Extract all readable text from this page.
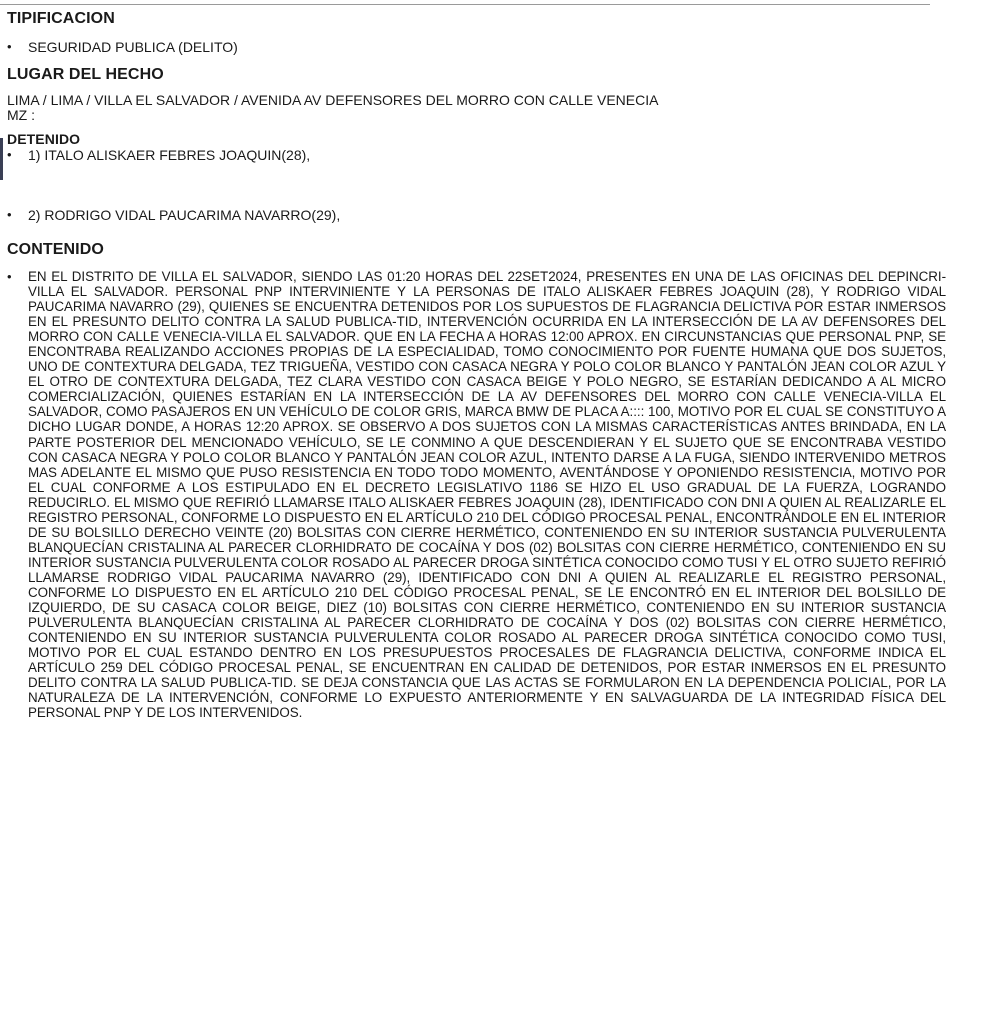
TIPIFICACION
• SEGURIDAD PUBLICA (DELITO)
LUGAR DEL HECHO
LIMA / LIMA / VILLA EL SALVADOR / AVENIDA AV DEFENSORES DEL MORRO CON CALLE VENECIA MZ :
DETENIDO
• 1) ITALO ALISKAER FEBRES JOAQUIN(28),
• 2) RODRIGO VIDAL PAUCARIMA NAVARRO(29),
CONTENIDO
• EN EL DISTRITO DE VILLA EL SALVADOR, SIENDO LAS 01:20 HORAS DEL 22SET2024, PRESENTES EN UNA DE LAS OFICINAS DEL DEPINCRI-VILLA EL SALVADOR. PERSONAL PNP INTERVINIENTE Y LA PERSONAS DE ITALO ALISKAER FEBRES JOAQUIN (28), Y RODRIGO VIDAL PAUCARIMA NAVARRO (29), QUIENES SE ENCUENTRA DETENIDOS POR LOS SUPUESTOS DE FLAGRANCIA DELICTIVA POR ESTAR INMERSOS EN EL PRESUNTO DELITO CONTRA LA SALUD PUBLICA-TID, INTERVENCIÓN OCURRIDA EN LA INTERSECCIÓN DE LA AV DEFENSORES DEL MORRO CON CALLE VENECIA-VILLA EL SALVADOR. QUE EN LA FECHA A HORAS 12:00 APROX. EN CIRCUNSTANCIAS QUE PERSONAL PNP, SE ENCONTRABA REALIZANDO ACCIONES PROPIAS DE LA ESPECIALIDAD, TOMO CONOCIMIENTO POR FUENTE HUMANA QUE DOS SUJETOS, UNO DE CONTEXTURA DELGADA, TEZ TRIGUEÑA, VESTIDO CON CASACA NEGRA Y POLO COLOR BLANCO Y PANTALÓN JEAN COLOR AZUL Y EL OTRO DE CONTEXTURA DELGADA, TEZ CLARA VESTIDO CON CASACA BEIGE Y POLO NEGRO, SE ESTARÍAN DEDICANDO A AL MICRO COMERCIALIZACIÓN, QUIENES ESTARÍAN EN LA INTERSECCIÓN DE LA AV DEFENSORES DEL MORRO CON CALLE VENECIA-VILLA EL SALVADOR, COMO PASAJEROS EN UN VEHÍCULO DE COLOR GRIS, MARCA BMW DE PLACA A:::: 100, MOTIVO POR EL CUAL SE CONSTITUYO A DICHO LUGAR DONDE, A HORAS 12:20 APROX. SE OBSERVO A DOS SUJETOS CON LA MISMAS CARACTERÍSTICAS ANTES BRINDADA, EN LA PARTE POSTERIOR DEL MENCIONADO VEHÍCULO, SE LE CONMINO A QUE DESCENDIERAN Y EL SUJETO QUE SE ENCONTRABA VESTIDO CON CASACA NEGRA Y POLO COLOR BLANCO Y PANTALÓN JEAN COLOR AZUL, INTENTO DARSE A LA FUGA, SIENDO INTERVENIDO METROS MAS ADELANTE EL MISMO QUE PUSO RESISTENCIA EN TODO TODO MOMENTO, AVENTÁNDOSE Y OPONIENDO RESISTENCIA, MOTIVO POR EL CUAL CONFORME A LOS ESTIPULADO EN EL DECRETO LEGISLATIVO 1186 SE HIZO EL USO GRADUAL DE LA FUERZA, LOGRANDO REDUCIRLO. EL MISMO QUE REFIRIÓ LLAMARSE ITALO ALISKAER FEBRES JOAQUIN (28), IDENTIFICADO CON DNI A QUIEN AL REALIZARLE EL REGISTRO PERSONAL, CONFORME LO DISPUESTO EN EL ARTÍCULO 210 DEL CÓDIGO PROCESAL PENAL, ENCONTRÁNDOLE EN EL INTERIOR DE SU BOLSILLO DERECHO VEINTE (20) BOLSITAS CON CIERRE HERMÉTICO, CONTENIENDO EN SU INTERIOR SUSTANCIA PULVERULENTA BLANQUECÍAN CRISTALINA AL PARECER CLORHIDRATO DE COCAÍNA Y DOS (02) BOLSITAS CON CIERRE HERMÉTICO, CONTENIENDO EN SU INTERIOR SUSTANCIA PULVERULENTA COLOR ROSADO AL PARECER DROGA SINTÉTICA CONOCIDO COMO TUSI Y EL OTRO SUJETO REFIRIÓ LLAMARSE RODRIGO VIDAL PAUCARIMA NAVARRO (29), IDENTIFICADO CON DNI A QUIEN AL REALIZARLE EL REGISTRO PERSONAL, CONFORME LO DISPUESTO EN EL ARTÍCULO 210 DEL CÓDIGO PROCESAL PENAL, SE LE ENCONTRÓ EN EL INTERIOR DEL BOLSILLO DE IZQUIERDO, DE SU CASACA COLOR BEIGE, DIEZ (10) BOLSITAS CON CIERRE HERMÉTICO, CONTENIENDO EN SU INTERIOR SUSTANCIA PULVERULENTA BLANQUECÍAN CRISTALINA AL PARECER CLORHIDRATO DE COCAÍNA Y DOS (02) BOLSITAS CON CIERRE HERMÉTICO, CONTENIENDO EN SU INTERIOR SUSTANCIA PULVERULENTA COLOR ROSADO AL PARECER DROGA SINTÉTICA CONOCIDO COMO TUSI, MOTIVO POR EL CUAL ESTANDO DENTRO EN LOS PRESUPUESTOS PROCESALES DE FLAGRANCIA DELICTIVA, CONFORME INDICA EL ARTÍCULO 259 DEL CÓDIGO PROCESAL PENAL, SE ENCUENTRAN EN CALIDAD DE DETENIDOS, POR ESTAR INMERSOS EN EL PRESUNTO DELITO CONTRA LA SALUD PUBLICA-TID. SE DEJA CONSTANCIA QUE LAS ACTAS SE FORMULARON EN LA DEPENDENCIA POLICIAL, POR LA NATURALEZA DE LA INTERVENCIÓN, CONFORME LO EXPUESTO ANTERIORMENTE Y EN SALVAGUARDA DE LA INTEGRIDAD FÍSICA DEL PERSONAL PNP Y DE LOS INTERVENIDOS.
